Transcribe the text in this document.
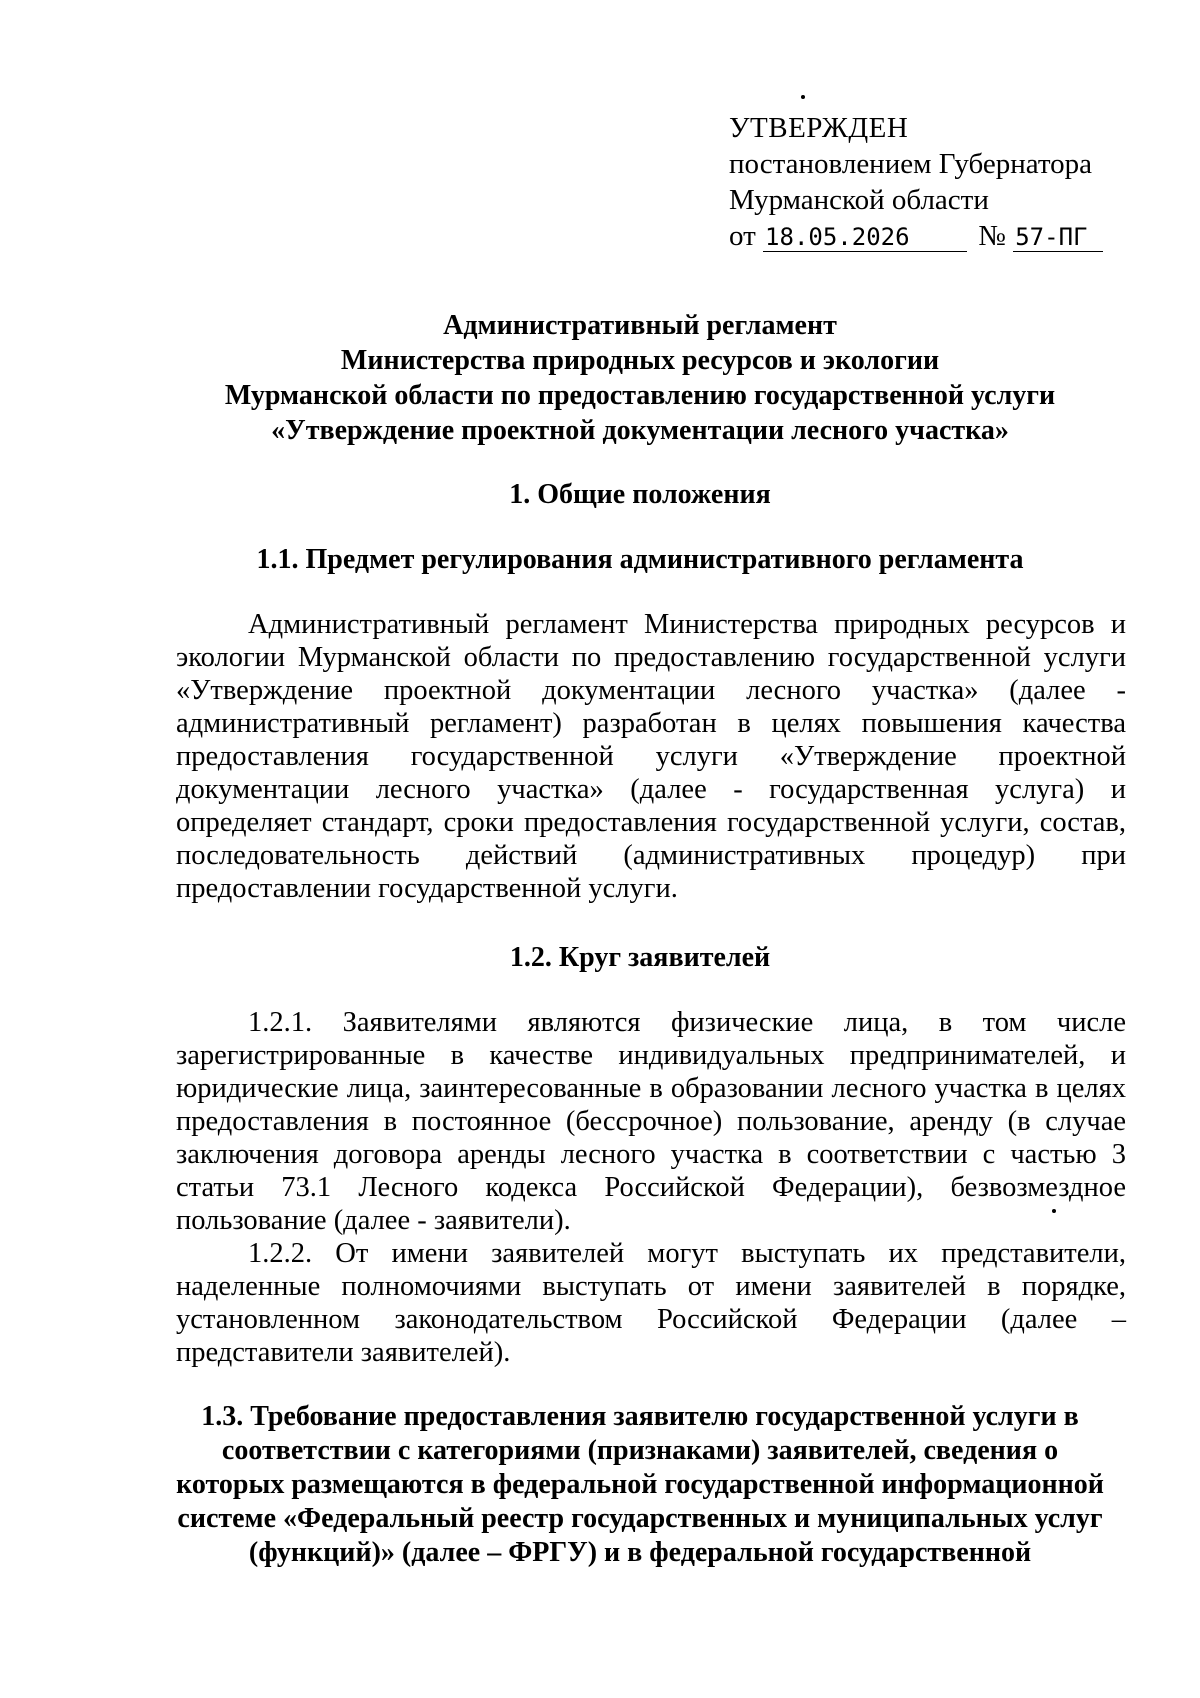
УТВЕРЖДЕН
постановлением Губернатора
Мурманской области
от 18.05.2026 № 57-ПГ
Административный регламент
Министерства природных ресурсов и экологии
Мурманской области по предоставлению государственной услуги
«Утверждение проектной документации лесного участка»
1. Общие положения
1.1. Предмет регулирования административного регламента
Административный регламент Министерства природных ресурсов и
экологии Мурманской области по предоставлению государственной услуги
«Утверждение проектной документации лесного участка» (далее -
административный регламент) разработан в целях повышения качества
предоставления государственной услуги «Утверждение проектной
документации лесного участка» (далее - государственная услуга) и
определяет стандарт, сроки предоставления государственной услуги, состав,
последовательность действий (административных процедур) при
предоставлении государственной услуги.
1.2. Круг заявителей
1.2.1. Заявителями являются физические лица, в том числе
зарегистрированные в качестве индивидуальных предпринимателей, и
юридические лица, заинтересованные в образовании лесного участка в целях
предоставления в постоянное (бессрочное) пользование, аренду (в случае
заключения договора аренды лесного участка в соответствии с частью 3
статьи 73.1 Лесного кодекса Российской Федерации), безвозмездное
пользование (далее - заявители).
1.2.2. От имени заявителей могут выступать их представители,
наделенные полномочиями выступать от имени заявителей в порядке,
установленном законодательством Российской Федерации (далее –
представители заявителей).
1.3. Требование предоставления заявителю государственной услуги в
соответствии с категориями (признаками) заявителей, сведения о
которых размещаются в федеральной государственной информационной
системе «Федеральный реестр государственных и муниципальных услуг
(функций)» (далее – ФРГУ) и в федеральной государственной
